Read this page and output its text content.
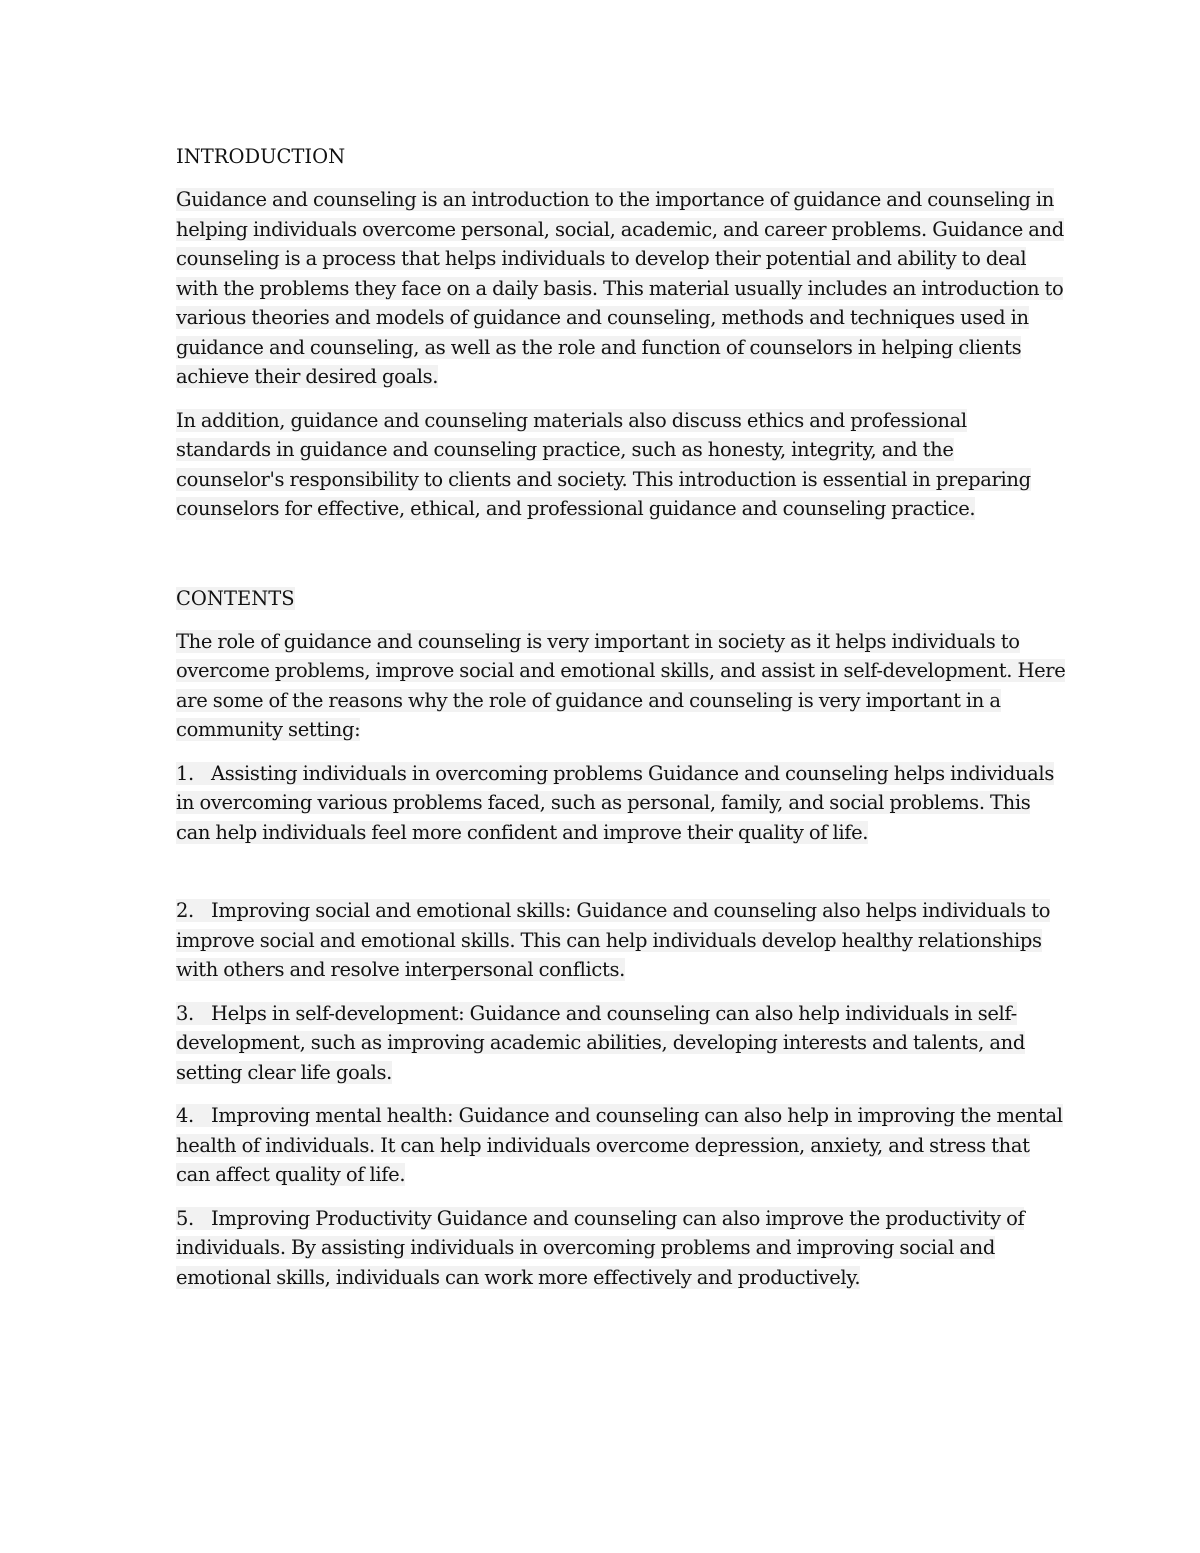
INTRODUCTION

Guidance and counseling is an introduction to the importance of guidance and counseling in helping individuals overcome personal, social, academic, and career problems. Guidance and counseling is a process that helps individuals to develop their potential and ability to deal with the problems they face on a daily basis. This material usually includes an introduction to various theories and models of guidance and counseling, methods and techniques used in guidance and counseling, as well as the role and function of counselors in helping clients achieve their desired goals.

In addition, guidance and counseling materials also discuss ethics and professional standards in guidance and counseling practice, such as honesty, integrity, and the counselor's responsibility to clients and society. This introduction is essential in preparing counselors for effective, ethical, and professional guidance and counseling practice.

CONTENTS

The role of guidance and counseling is very important in society as it helps individuals to overcome problems, improve social and emotional skills, and assist in self-development. Here are some of the reasons why the role of guidance and counseling is very important in a community setting:

1. Assisting individuals in overcoming problems Guidance and counseling helps individuals in overcoming various problems faced, such as personal, family, and social problems. This can help individuals feel more confident and improve their quality of life.

2. Improving social and emotional skills: Guidance and counseling also helps individuals to improve social and emotional skills. This can help individuals develop healthy relationships with others and resolve interpersonal conflicts.

3. Helps in self-development: Guidance and counseling can also help individuals in self-development, such as improving academic abilities, developing interests and talents, and setting clear life goals.

4. Improving mental health: Guidance and counseling can also help in improving the mental health of individuals. It can help individuals overcome depression, anxiety, and stress that can affect quality of life.

5. Improving Productivity Guidance and counseling can also improve the productivity of individuals. By assisting individuals in overcoming problems and improving social and emotional skills, individuals can work more effectively and productively.
